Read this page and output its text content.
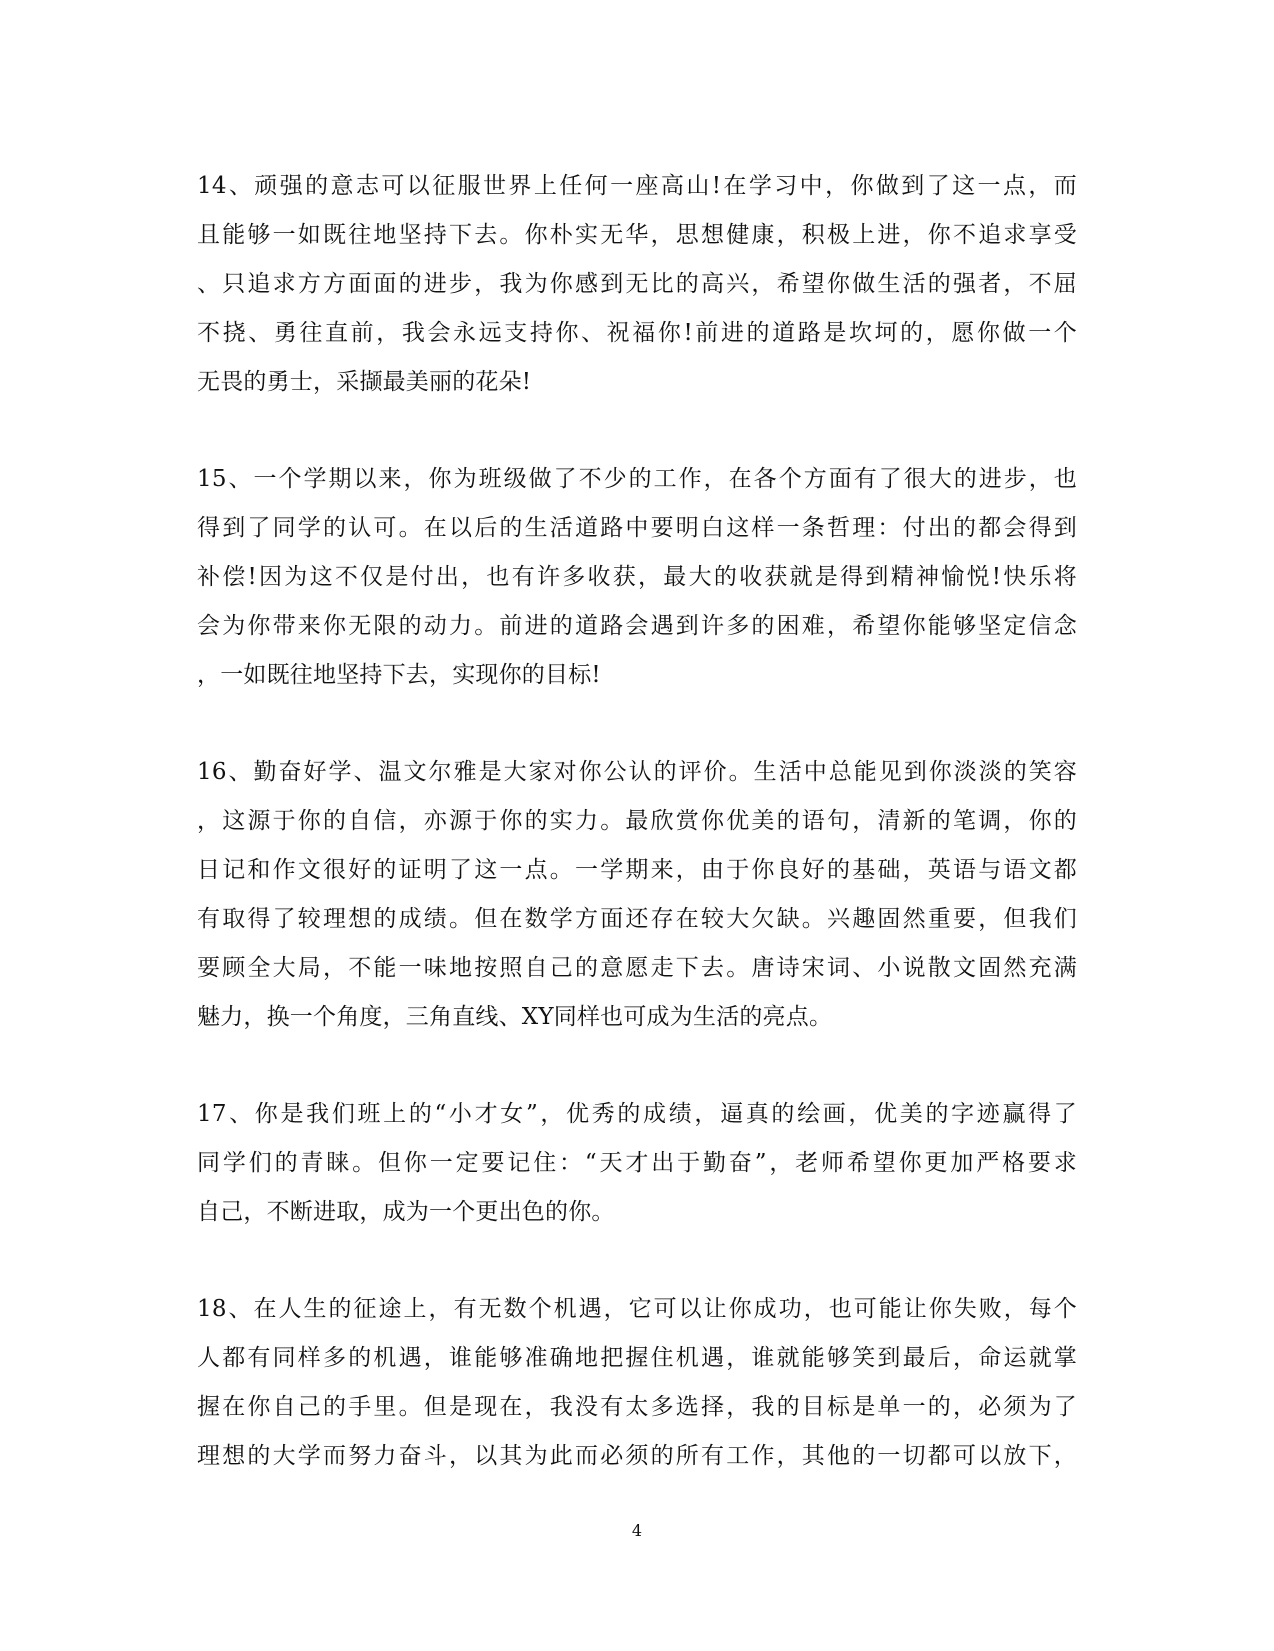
14、顽强的意志可以征服世界上任何一座高山!在学习中，你做到了这一点，而
且能够一如既往地坚持下去。你朴实无华，思想健康，积极上进，你不追求享受
、只追求方方面面的进步，我为你感到无比的高兴，希望你做生活的强者，不屈
不挠、勇往直前，我会永远支持你、祝福你!前进的道路是坎坷的，愿你做一个
无畏的勇士，采撷最美丽的花朵!
15、一个学期以来，你为班级做了不少的工作，在各个方面有了很大的进步，也
得到了同学的认可。在以后的生活道路中要明白这样一条哲理：付出的都会得到
补偿!因为这不仅是付出，也有许多收获，最大的收获就是得到精神愉悦!快乐将
会为你带来你无限的动力。前进的道路会遇到许多的困难，希望你能够坚定信念
，一如既往地坚持下去，实现你的目标!
16、勤奋好学、温文尔雅是大家对你公认的评价。生活中总能见到你淡淡的笑容
，这源于你的自信，亦源于你的实力。最欣赏你优美的语句，清新的笔调，你的
日记和作文很好的证明了这一点。一学期来，由于你良好的基础，英语与语文都
有取得了较理想的成绩。但在数学方面还存在较大欠缺。兴趣固然重要，但我们
要顾全大局，不能一味地按照自己的意愿走下去。唐诗宋词、小说散文固然充满
魅力，换一个角度，三角直线、XY同样也可成为生活的亮点。
17、你是我们班上的“小才女”，优秀的成绩，逼真的绘画，优美的字迹赢得了
同学们的青睐。但你一定要记住：“天才出于勤奋”，老师希望你更加严格要求
自己，不断进取，成为一个更出色的你。
18、在人生的征途上，有无数个机遇，它可以让你成功，也可能让你失败，每个
人都有同样多的机遇，谁能够准确地把握住机遇，谁就能够笑到最后，命运就掌
握在你自己的手里。但是现在，我没有太多选择，我的目标是单一的，必须为了
理想的大学而努力奋斗，以其为此而必须的所有工作，其他的一切都可以放下，
4
